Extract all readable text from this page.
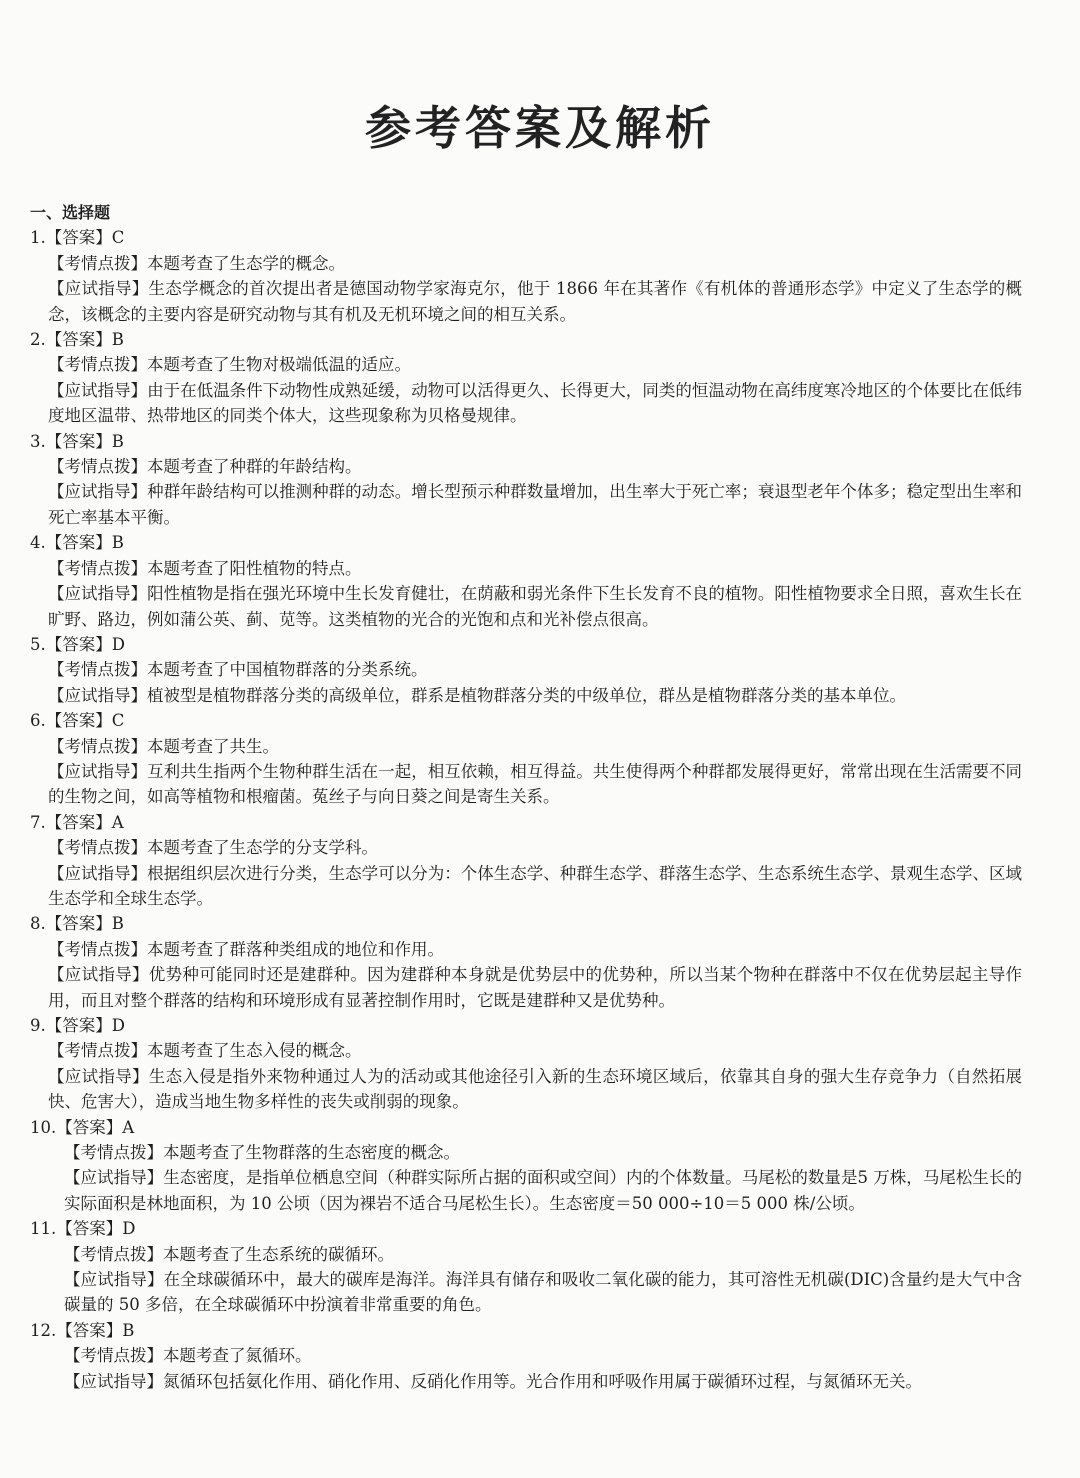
参考答案及解析
一、选择题
1.【答案】C
【考情点拨】本题考查了生态学的概念。
【应试指导】生态学概念的首次提出者是德国动物学家海克尔，他于 1866 年在其著作《有机体的普通形态学》中定义了生态学的概念，该概念的主要内容是研究动物与其有机及无机环境之间的相互关系。
2.【答案】B
【考情点拨】本题考查了生物对极端低温的适应。
【应试指导】由于在低温条件下动物性成熟延缓，动物可以活得更久、长得更大，同类的恒温动物在高纬度寒冷地区的个体要比在低纬度地区温带、热带地区的同类个体大，这些现象称为贝格曼规律。
3.【答案】B
【考情点拨】本题考查了种群的年龄结构。
【应试指导】种群年龄结构可以推测种群的动态。增长型预示种群数量增加，出生率大于死亡率；衰退型老年个体多；稳定型出生率和死亡率基本平衡。
4.【答案】B
【考情点拨】本题考查了阳性植物的特点。
【应试指导】阳性植物是指在强光环境中生长发育健壮，在荫蔽和弱光条件下生长发育不良的植物。阳性植物要求全日照，喜欢生长在旷野、路边，例如蒲公英、蓟、苋等。这类植物的光合的光饱和点和光补偿点很高。
5.【答案】D
【考情点拨】本题考查了中国植物群落的分类系统。
【应试指导】植被型是植物群落分类的高级单位，群系是植物群落分类的中级单位，群丛是植物群落分类的基本单位。
6.【答案】C
【考情点拨】本题考查了共生。
【应试指导】互利共生指两个生物种群生活在一起，相互依赖，相互得益。共生使得两个种群都发展得更好，常常出现在生活需要不同的生物之间，如高等植物和根瘤菌。菟丝子与向日葵之间是寄生关系。
7.【答案】A
【考情点拨】本题考查了生态学的分支学科。
【应试指导】根据组织层次进行分类，生态学可以分为：个体生态学、种群生态学、群落生态学、生态系统生态学、景观生态学、区域生态学和全球生态学。
8.【答案】B
【考情点拨】本题考查了群落种类组成的地位和作用。
【应试指导】优势种可能同时还是建群种。因为建群种本身就是优势层中的优势种，所以当某个物种在群落中不仅在优势层起主导作用，而且对整个群落的结构和环境形成有显著控制作用时，它既是建群种又是优势种。
9.【答案】D
【考情点拨】本题考查了生态入侵的概念。
【应试指导】生态入侵是指外来物种通过人为的活动或其他途径引入新的生态环境区域后，依靠其自身的强大生存竞争力（自然拓展快、危害大），造成当地生物多样性的丧失或削弱的现象。
10.【答案】A
【考情点拨】本题考查了生物群落的生态密度的概念。
【应试指导】生态密度，是指单位栖息空间（种群实际所占据的面积或空间）内的个体数量。马尾松的数量是5 万株，马尾松生长的实际面积是林地面积，为 10 公顷（因为裸岩不适合马尾松生长）。生态密度＝50 000÷10＝5 000 株/公顷。
11.【答案】D
【考情点拨】本题考查了生态系统的碳循环。
【应试指导】在全球碳循环中，最大的碳库是海洋。海洋具有储存和吸收二氧化碳的能力，其可溶性无机碳(DIC)含量约是大气中含碳量的 50 多倍，在全球碳循环中扮演着非常重要的角色。
12.【答案】B
【考情点拨】本题考查了氮循环。
【应试指导】氮循环包括氨化作用、硝化作用、反硝化作用等。光合作用和呼吸作用属于碳循环过程，与氮循环无关。
